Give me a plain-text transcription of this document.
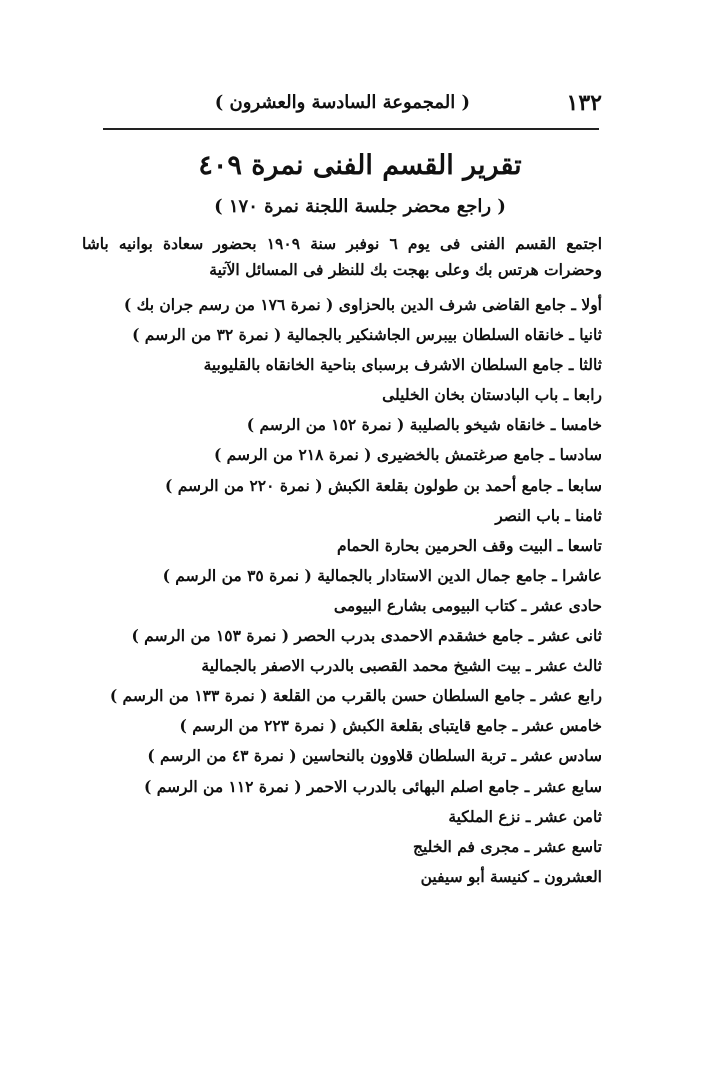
١٣٢
( المجموعة السادسة والعشرون )
تقرير القسم الفنى نمرة ٤٠٩
( راجع محضر جلسة اللجنة نمرة ١٧٠ )
اجتمع القسم الفنى فى يوم ٦ نوفبر سنة ١٩٠٩ بحضور سعادة بوانيه باشا وحضرات هرتس بك وعلى بهجت بك للنظر فى المسائل الآتية
أولا ـ جامع القاضى شرف الدين بالحزاوى ( نمرة ١٧٦ من رسم جران بك )
ثانيا ـ خانقاه السلطان بيبرس الجاشنكير بالجمالية ( نمرة ٣٢ من الرسم )
ثالثا ـ جامع السلطان الاشرف برسباى بناحية الخانقاه بالقليوبية
رابعا ـ باب البادستان بخان الخليلى
خامسا ـ خانقاه شيخو بالصليبة ( نمرة ١٥٢ من الرسم )
سادسا ـ جامع صرغتمش بالخضيرى ( نمرة ٢١٨ من الرسم )
سابعا ـ جامع أحمد بن طولون بقلعة الكبش ( نمرة ٢٢٠ من الرسم )
ثامنا ـ باب النصر
تاسعا ـ البيت وقف الحرمين بحارة الحمام
عاشرا ـ جامع جمال الدين الاستادار بالجمالية ( نمرة ٣٥ من الرسم )
حادى عشر ـ كتاب البيومى بشارع البيومى
ثانى عشر ـ جامع خشقدم الاحمدى بدرب الحصر ( نمرة ١٥٣ من الرسم )
ثالث عشر ـ بيت الشيخ محمد القصبى بالدرب الاصفر بالجمالية
رابع عشر ـ جامع السلطان حسن بالقرب من القلعة ( نمرة ١٣٣ من الرسم )
خامس عشر ـ جامع قايتباى بقلعة الكبش ( نمرة ٢٢٣ من الرسم )
سادس عشر ـ تربة السلطان قلاوون بالنحاسين ( نمرة ٤٣ من الرسم )
سابع عشر ـ جامع اصلم البهائى بالدرب الاحمر ( نمرة ١١٢ من الرسم )
ثامن عشر ـ نزع الملكية
تاسع عشر ـ مجرى فم الخليج
العشرون ـ كنيسة أبو سيفين
